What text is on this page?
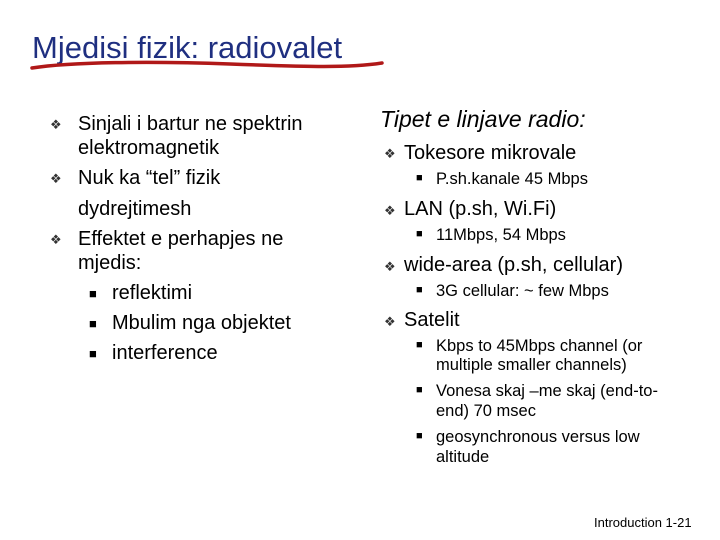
Mjedisi fizik: radiovalet
❖ Sinjali i bartur ne spektrin
elektromagnetik
❖ Nuk ka “tel” fizik
dydrejtimesh
❖ Effektet e perhapjes ne
mjedis:
■ reflektimi
■ Mbulim nga objektet
■ interference
Tipet e linjave radio:
❖ Tokesore mikrovale
■ P.sh.kanale 45 Mbps
❖ LAN (p.sh, Wi.Fi)
■ 11Mbps, 54 Mbps
❖ wide-area (p.sh, cellular)
■ 3G cellular: ~ few Mbps
❖ Satelit
■ Kbps to 45Mbps channel (or
multiple smaller channels)
■ Vonesa skaj –me skaj (end-to-
end) 70 msec
■ geosynchronous versus low
altitude
Introduction 1-21
